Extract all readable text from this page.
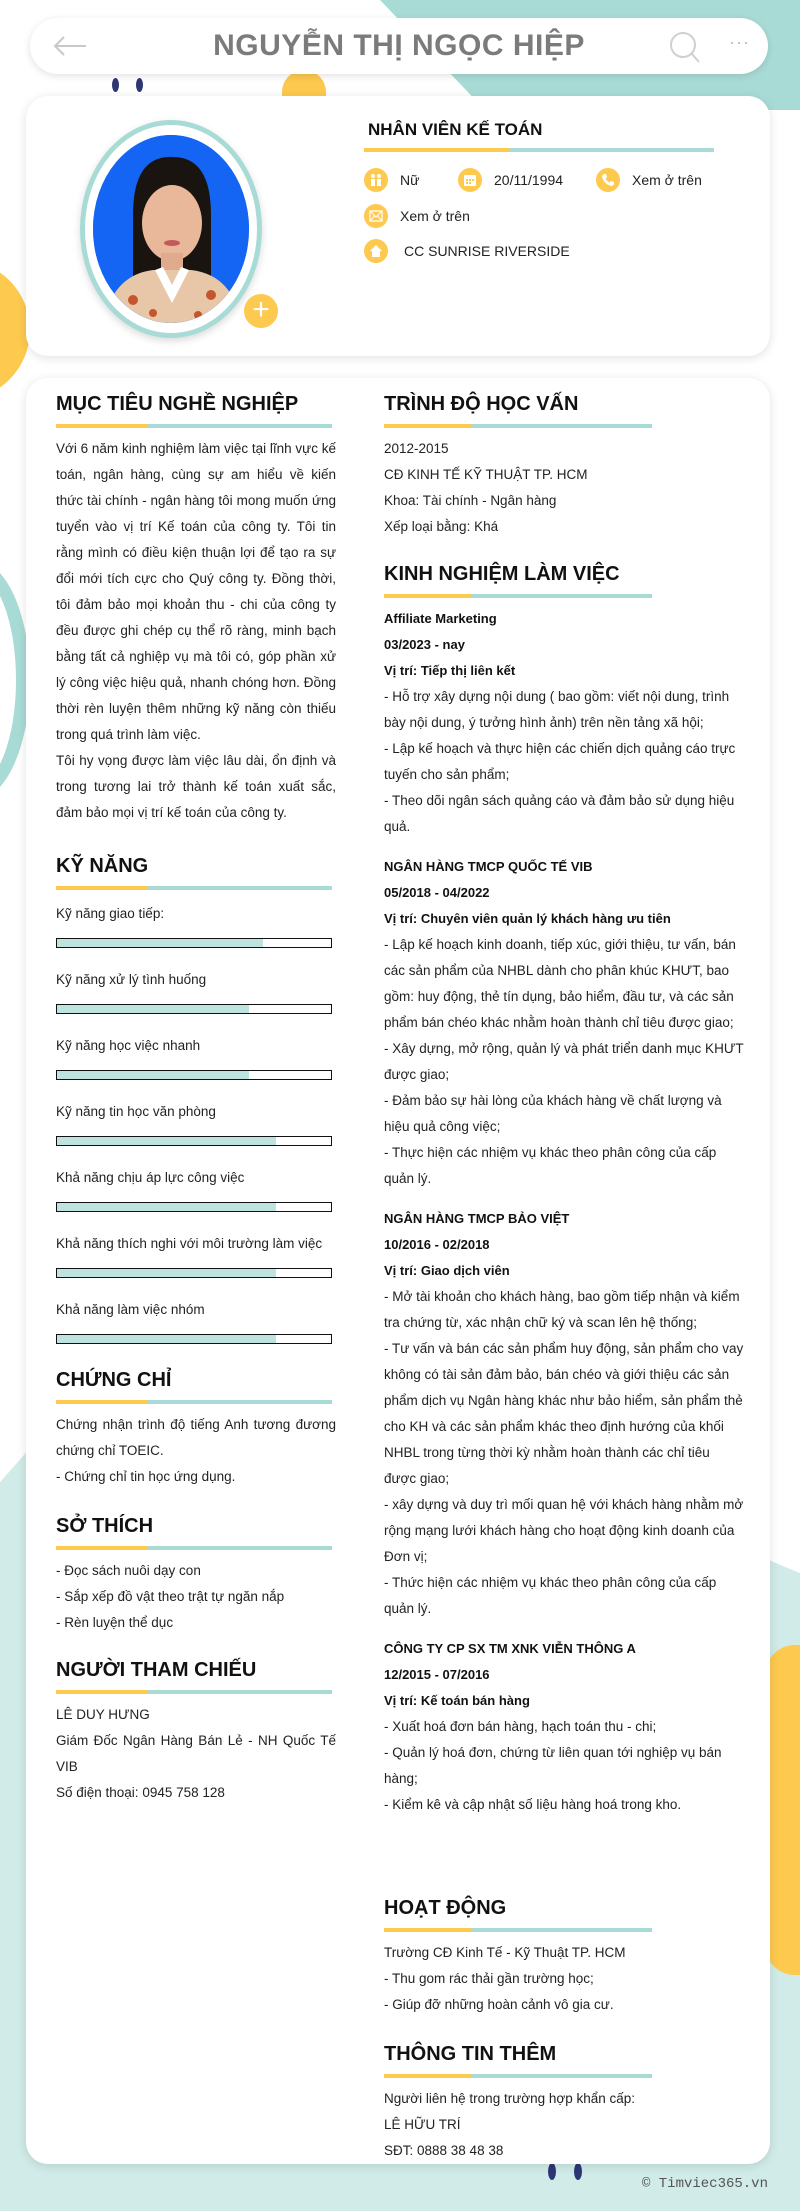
NGUYỄN THỊ NGỌC HIỆP	···
+
NHÂN VIÊN KẾ TOÁN
Nữ	20/11/1994	Xem ở trên
Xem ở trên
CC SUNRISE RIVERSIDE
MỤC TIÊU NGHỀ NGHIỆP
Với 6 năm kinh nghiệm làm việc tại lĩnh vực kế toán, ngân hàng, cùng sự am hiểu về kiến thức tài chính - ngân hàng tôi mong muốn ứng tuyển vào vị trí Kế toán của công ty. Tôi tin rằng mình có điều kiện thuận lợi để tạo ra sự đổi mới tích cực cho Quý công ty. Đồng thời, tôi đảm bảo mọi khoản thu - chi của công ty đều được ghi chép cụ thể rõ ràng, minh bạch bằng tất cả nghiệp vụ mà tôi có, góp phần xử lý công việc hiệu quả, nhanh chóng hơn. Đồng thời rèn luyện thêm những kỹ năng còn thiếu trong quá trình làm việc.
Tôi hy vọng được làm việc lâu dài, ổn định và trong tương lai trở thành kế toán xuất sắc, đảm bảo mọi vị trí kế toán của công ty.
KỸ NĂNG
Kỹ năng giao tiếp:
Kỹ năng xử lý tình huống
Kỹ năng học việc nhanh
Kỹ năng tin học văn phòng
Khả năng chịu áp lực công việc
Khả năng thích nghi với môi trường làm việc
Khả năng làm việc nhóm
CHỨNG CHỈ
Chứng nhận trình độ tiếng Anh tương đương chứng chỉ TOEIC.
- Chứng chỉ tin học ứng dụng.
SỞ THÍCH
- Đọc sách nuôi dạy con
- Sắp xếp đồ vật theo trật tự ngăn nắp
- Rèn luyện thể dục
NGƯỜI THAM CHIẾU
LÊ DUY HƯNG
Giám Đốc Ngân Hàng Bán Lẻ - NH Quốc Tế VIB
Số điện thoại: 0945 758 128
TRÌNH ĐỘ HỌC VẤN
2012-2015
CĐ KINH TẾ KỸ THUẬT TP. HCM
Khoa: Tài chính - Ngân hàng
Xếp loại bằng: Khá
KINH NGHIỆM LÀM VIỆC
Affiliate Marketing
03/2023 - nay
Vị trí: Tiếp thị liên kết
- Hỗ trợ xây dựng nội dung ( bao gồm: viết nội dung, trình bày nội dung, ý tưởng hình ảnh) trên nền tảng xã hội;
- Lập kế hoạch và thực hiện các chiến dịch quảng cáo trực tuyến cho sản phẩm;
- Theo dõi ngân sách quảng cáo và đảm bảo sử dụng hiệu quả.
NGÂN HÀNG TMCP QUỐC TẾ VIB
05/2018 - 04/2022
Vị trí: Chuyên viên quản lý khách hàng ưu tiên
- Lập kế hoạch kinh doanh, tiếp xúc, giới thiệu, tư vấn, bán các sản phẩm của NHBL dành cho phân khúc KHƯT, bao gồm: huy động, thẻ tín dụng, bảo hiểm, đầu tư, và các sản phẩm bán chéo khác nhằm hoàn thành chỉ tiêu được giao;
- Xây dựng, mở rộng, quản lý và phát triển danh mục KHƯT được giao;
- Đảm bảo sự hài lòng của khách hàng về chất lượng và hiệu quả công việc;
- Thực hiện các nhiệm vụ khác theo phân công của cấp quản lý.
NGÂN HÀNG TMCP BẢO VIỆT
10/2016 - 02/2018
Vị trí: Giao dịch viên
- Mở tài khoản cho khách hàng, bao gồm tiếp nhận và kiểm tra chứng từ, xác nhận chữ ký và scan lên hệ thống;
- Tư vấn và bán các sản phẩm huy động, sản phẩm cho vay không có tài sản đảm bảo, bán chéo và giới thiệu các sản phẩm dịch vụ Ngân hàng khác như bảo hiểm, sản phẩm thẻ cho KH và các sản phẩm khác theo định hướng của khối NHBL trong từng thời kỳ nhằm hoàn thành các chỉ tiêu được giao;
- xây dựng và duy trì mối quan hệ với khách hàng nhằm mở rộng mạng lưới khách hàng cho hoạt động kinh doanh của Đơn vị;
- Thức hiện các nhiệm vụ khác theo phân công của cấp quản lý.
CÔNG TY CP SX TM XNK VIỄN THÔNG A
12/2015 - 07/2016
Vị trí: Kế toán bán hàng
- Xuất hoá đơn bán hàng, hạch toán thu - chi;
- Quản lý hoá đơn, chứng từ liên quan tới nghiệp vụ bán hàng;
- Kiểm kê và cập nhật số liệu hàng hoá trong kho.
HOẠT ĐỘNG
Trường CĐ Kinh Tế - Kỹ Thuật TP. HCM
- Thu gom rác thải gần trường học;
- Giúp đỡ những hoàn cảnh vô gia cư.
THÔNG TIN THÊM
Người liên hệ trong trường hợp khẩn cấp:
LÊ HỮU TRÍ
SĐT: 0888 38 48 38
© Timviec365.vn
